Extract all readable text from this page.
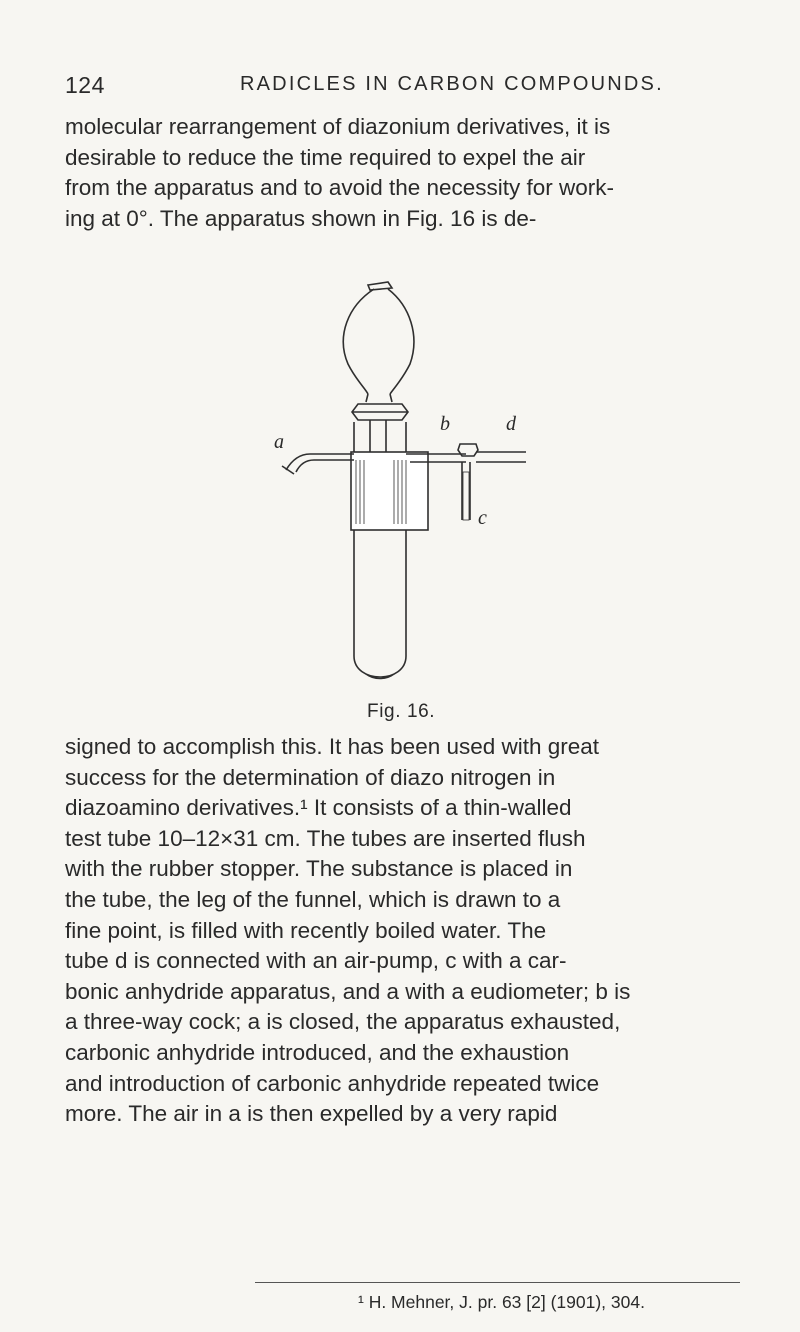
124	RADICLES IN CARBON COMPOUNDS.
molecular rearrangement of diazonium derivatives, it is
desirable to reduce the time required to expel the air
from the apparatus and to avoid the necessity for work-
ing at 0°. The apparatus shown in Fig. 16 is de-
a
b
c
d
Fig. 16.
signed to accomplish this. It has been used with great
success for the determination of diazo nitrogen in
diazoamino derivatives.¹ It consists of a thin-walled
test tube 10–12×31 cm. The tubes are inserted flush
with the rubber stopper. The substance is placed in
the tube, the leg of the funnel, which is drawn to a
fine point, is filled with recently boiled water. The
tube d is connected with an air-pump, c with a car-
bonic anhydride apparatus, and a with a eudiometer; b is
a three-way cock; a is closed, the apparatus exhausted,
carbonic anhydride introduced, and the exhaustion
and introduction of carbonic anhydride repeated twice
more. The air in a is then expelled by a very rapid
¹ H. Mehner, J. pr. 63 [2] (1901), 304.
